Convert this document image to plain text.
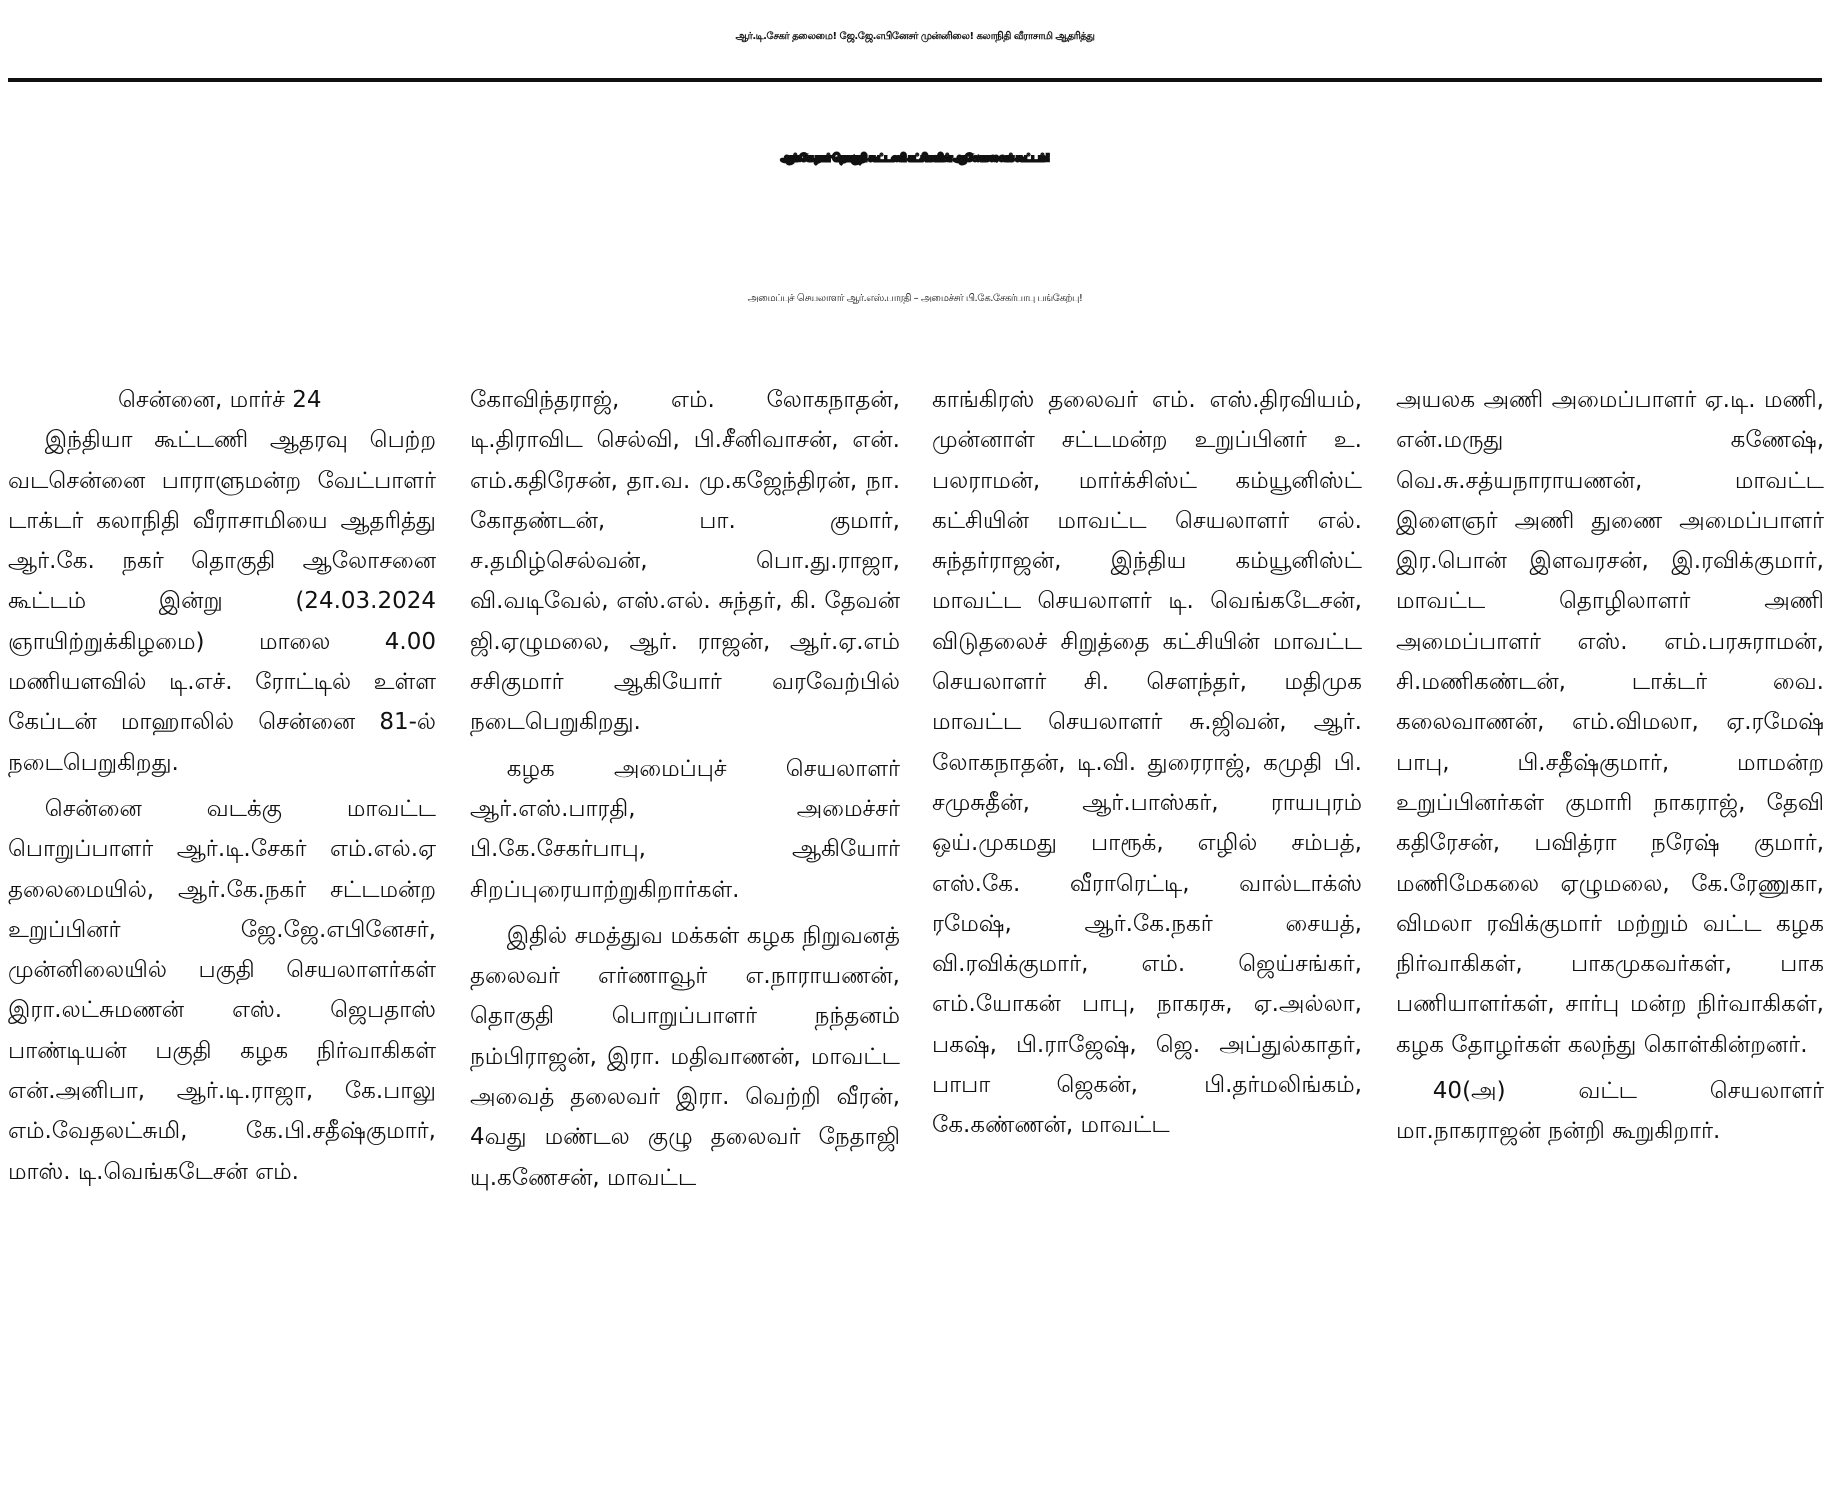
ஆர்.டி.சேகர் தலைமை! ஜே.ஜே.எபினேசர் முன்னிலை! கலாநிதி வீராசாமி ஆதரித்து
ஆர்.கே.நகர் தொகுதி கூட்டணி கட்சிகளின் ஆலோசனைக் கூட்டம்!
அமைப்புச் செயலாளர் ஆர்.எஸ்.பாரதி – அமைச்சர் பி.கே.சேகர்பாபு பங்கேற்பு!
சென்னை, மார்ச் 24

இந்தியா கூட்டணி ஆதரவு பெற்ற வடசென்னை பாராளுமன்ற வேட்பாளர் டாக்டர் கலாநிதி வீராசாமியை ஆதரித்து ஆர்.கே. நகர் தொகுதி ஆலோசனை கூட்டம் இன்று (24.03.2024 ஞாயிற்றுக்கிழமை) மாலை 4.00 மணியளவில் டி.எச். ரோட்டில் உள்ள கேப்டன் மாஹாலில் சென்னை 81-ல் நடைபெறுகிறது.

சென்னை வடக்கு மாவட்ட பொறுப்பாளர் ஆர்.டி.சேகர் எம்.எல்.ஏ தலைமையில், ஆர்.கே.நகர் சட்டமன்ற உறுப்பினர் ஜே.ஜே.எபினேசர், முன்னிலையில் பகுதி செயலாளர்கள் இரா.லட்சுமணன் எஸ். ஜெபதாஸ் பாண்டியன் பகுதி கழக நிர்வாகிகள் என்.அனிபா, ஆர்.டி.ராஜா, கே.பாலு எம்.வேதலட்சுமி, கே.பி.சதீஷ்குமார், மாஸ். டி.வெங்கடேசன் எம்.

கோவிந்தராஜ், எம். லோகநாதன், டி.திராவிட செல்வி, பி.சீனிவாசன், என். எம்.கதிரேசன், தா.வ. மு.கஜேந்திரன், நா. கோதண்டன், பா. குமார், ச.தமிழ்செல்வன், பொ.து.ராஜா, வி.வடிவேல், எஸ்.எல். சுந்தர், கி. தேவன் ஜி.ஏழுமலை, ஆர். ராஜன், ஆர்.ஏ.எம் சசிகுமார் ஆகியோர் வரவேற்பில் நடைபெறுகிறது.

கழக அமைப்புச் செயலாளர் ஆர்.எஸ்.பாரதி, அமைச்சர் பி.கே.சேகர்பாபு, ஆகியோர் சிறப்புரையாற்றுகிறார்கள்.

இதில் சமத்துவ மக்கள் கழக நிறுவனத் தலைவர் எர்ணாவூர் எ.நாராயணன், தொகுதி பொறுப்பாளர் நந்தனம் நம்பிராஜன், இரா. மதிவாணன், மாவட்ட அவைத் தலைவர் இரா. வெற்றி வீரன், 4வது மண்டல குழு தலைவர் நேதாஜி யு.கணேசன், மாவட்ட

காங்கிரஸ் தலைவர் எம். எஸ்.திரவியம், முன்னாள் சட்டமன்ற உறுப்பினர் உ. பலராமன், மார்க்சிஸ்ட் கம்யூனிஸ்ட் கட்சியின் மாவட்ட செயலாளர் எல். சுந்தர்ராஜன், இந்திய கம்யூனிஸ்ட் மாவட்ட செயலாளர் டி. வெங்கடேசன், விடுதலைச் சிறுத்தை கட்சியின் மாவட்ட செயலாளர் சி. சௌந்தர், மதிமுக மாவட்ட செயலாளர் சு.ஜிவன், ஆர். லோகநாதன், டி.வி. துரைராஜ், கமுதி பி. சமுசுதீன், ஆர்.பாஸ்கர், ராயபுரம் ஒய்.முகமது பாரூக், எழில் சம்பத், எஸ்.கே. வீராரெட்டி, வால்டாக்ஸ் ரமேஷ், ஆர்.கே.நகர் சையத், வி.ரவிக்குமார், எம். ஜெய்சங்கர், எம்.யோகன் பாபு, நாகரசு, ஏ.அல்லா, பகஷ், பி.ராஜேஷ், ஜெ. அப்துல்காதர், பாபா ஜெகன், பி.தர்மலிங்கம், கே.கண்ணன், மாவட்ட

அயலக அணி அமைப்பாளர் ஏ.டி. மணி, என்.மருது கணேஷ், வெ.சு.சத்யநாராயணன், மாவட்ட இளைஞர் அணி துணை அமைப்பாளர் இர.பொன் இளவரசன், இ.ரவிக்குமார், மாவட்ட தொழிலாளர் அணி அமைப்பாளர் எஸ். எம்.பரசுராமன், சி.மணிகண்டன், டாக்டர் வை. கலைவாணன், எம்.விமலா, ஏ.ரமேஷ் பாபு, பி.சதீஷ்குமார், மாமன்ற உறுப்பினர்கள் குமாரி நாகராஜ், தேவி கதிரேசன், பவித்ரா நரேஷ் குமார், மணிமேகலை ஏழுமலை, கே.ரேணுகா, விமலா ரவிக்குமார் மற்றும் வட்ட கழக நிர்வாகிகள், பாகமுகவர்கள், பாக பணியாளர்கள், சார்பு மன்ற நிர்வாகிகள், கழக தோழர்கள் கலந்து கொள்கின்றனர்.

40(அ) வட்ட செயலாளர் மா.நாகராஜன் நன்றி கூறுகிறார்.
